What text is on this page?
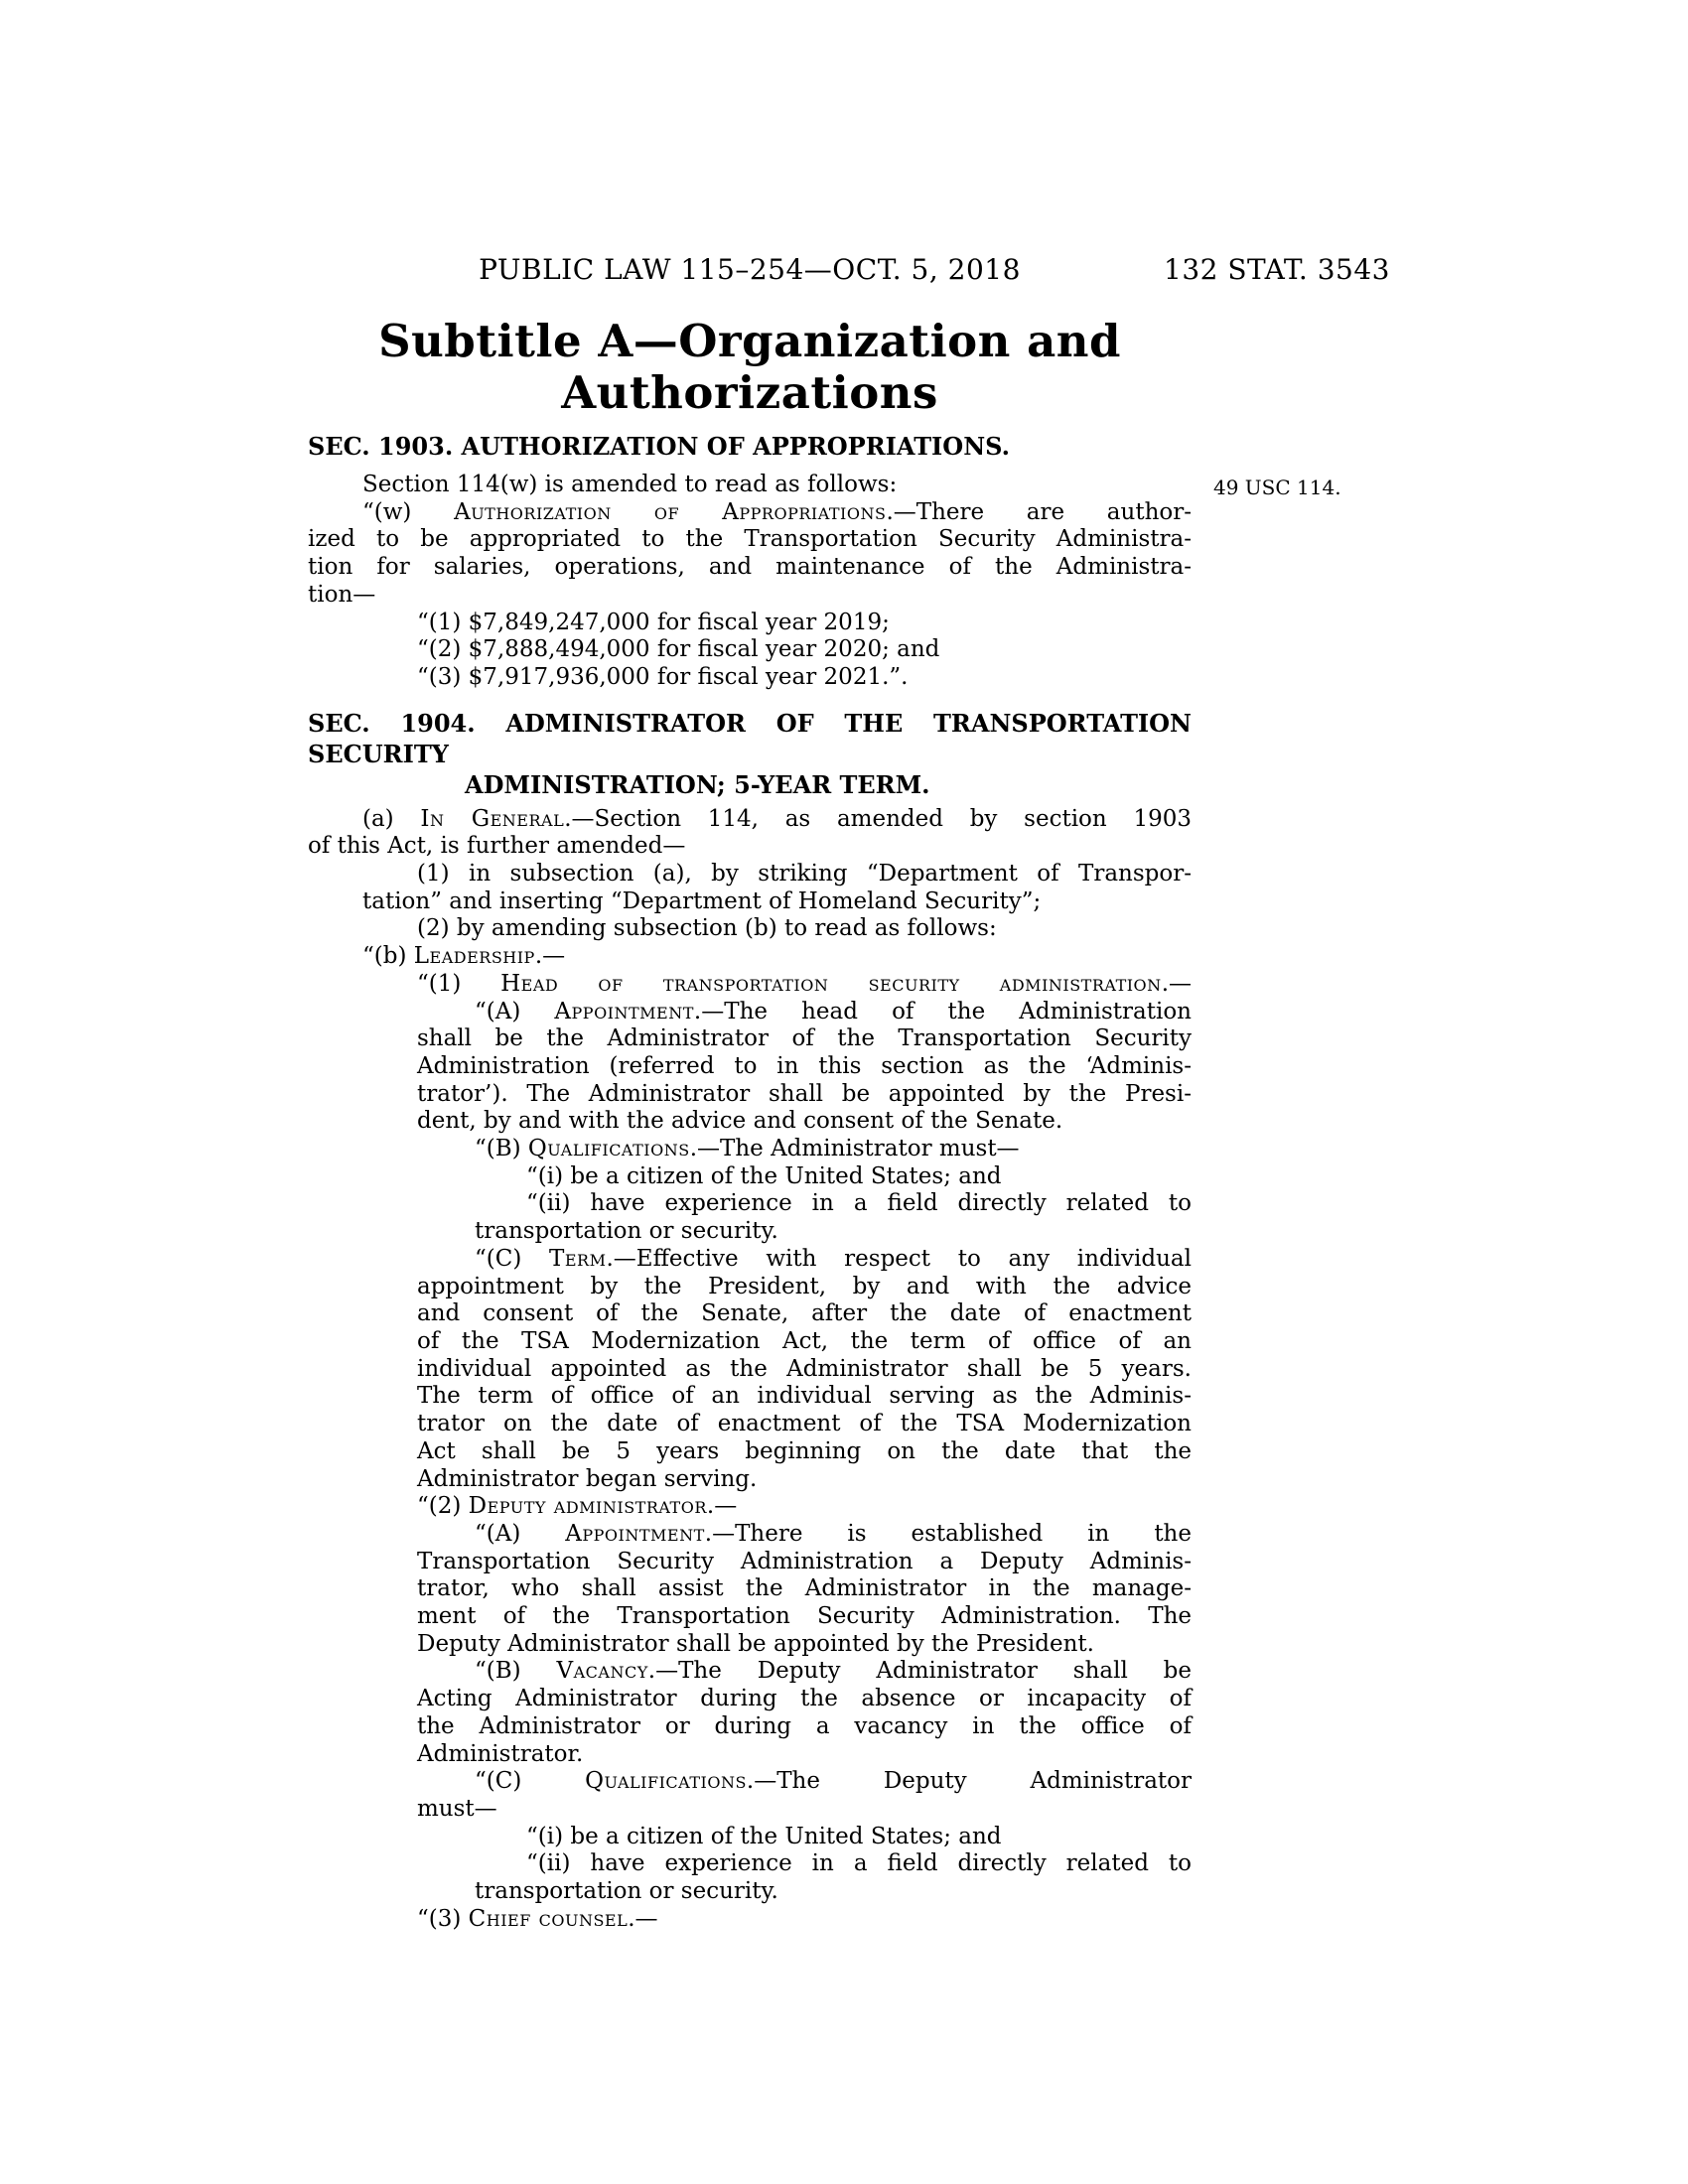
PUBLIC LAW 115–254—OCT. 5, 2018	132 STAT. 3543
Subtitle A—Organization and
Authorizations
SEC. 1903. AUTHORIZATION OF APPROPRIATIONS.
Section 114(w) is amended to read as follows:	49 USC 114.
“(w) Authorization of Appropriations.—There are author-
ized to be appropriated to the Transportation Security Administra-
tion for salaries, operations, and maintenance of the Administra-
tion—
“(1) $7,849,247,000 for fiscal year 2019;
“(2) $7,888,494,000 for fiscal year 2020; and
“(3) $7,917,936,000 for fiscal year 2021.”.
SEC. 1904. ADMINISTRATOR OF THE TRANSPORTATION SECURITY
ADMINISTRATION; 5-YEAR TERM.
(a) In General.—Section 114, as amended by section 1903
of this Act, is further amended—
(1) in subsection (a), by striking “Department of Transpor-
tation” and inserting “Department of Homeland Security”;
(2) by amending subsection (b) to read as follows:
“(b) Leadership.—
“(1) Head of transportation security administration.—
“(A) Appointment.—The head of the Administration
shall be the Administrator of the Transportation Security
Administration (referred to in this section as the ‘Adminis-
trator’). The Administrator shall be appointed by the Presi-
dent, by and with the advice and consent of the Senate.
“(B) Qualifications.—The Administrator must—
“(i) be a citizen of the United States; and
“(ii) have experience in a field directly related to
transportation or security.
“(C) Term.—Effective with respect to any individual
appointment by the President, by and with the advice
and consent of the Senate, after the date of enactment
of the TSA Modernization Act, the term of office of an
individual appointed as the Administrator shall be 5 years.
The term of office of an individual serving as the Adminis-
trator on the date of enactment of the TSA Modernization
Act shall be 5 years beginning on the date that the
Administrator began serving.
“(2) Deputy administrator.—
“(A) Appointment.—There is established in the
Transportation Security Administration a Deputy Adminis-
trator, who shall assist the Administrator in the manage-
ment of the Transportation Security Administration. The
Deputy Administrator shall be appointed by the President.
“(B) Vacancy.—The Deputy Administrator shall be
Acting Administrator during the absence or incapacity of
the Administrator or during a vacancy in the office of
Administrator.
“(C) Qualifications.—The Deputy Administrator
must—
“(i) be a citizen of the United States; and
“(ii) have experience in a field directly related to
transportation or security.
“(3) Chief counsel.—
